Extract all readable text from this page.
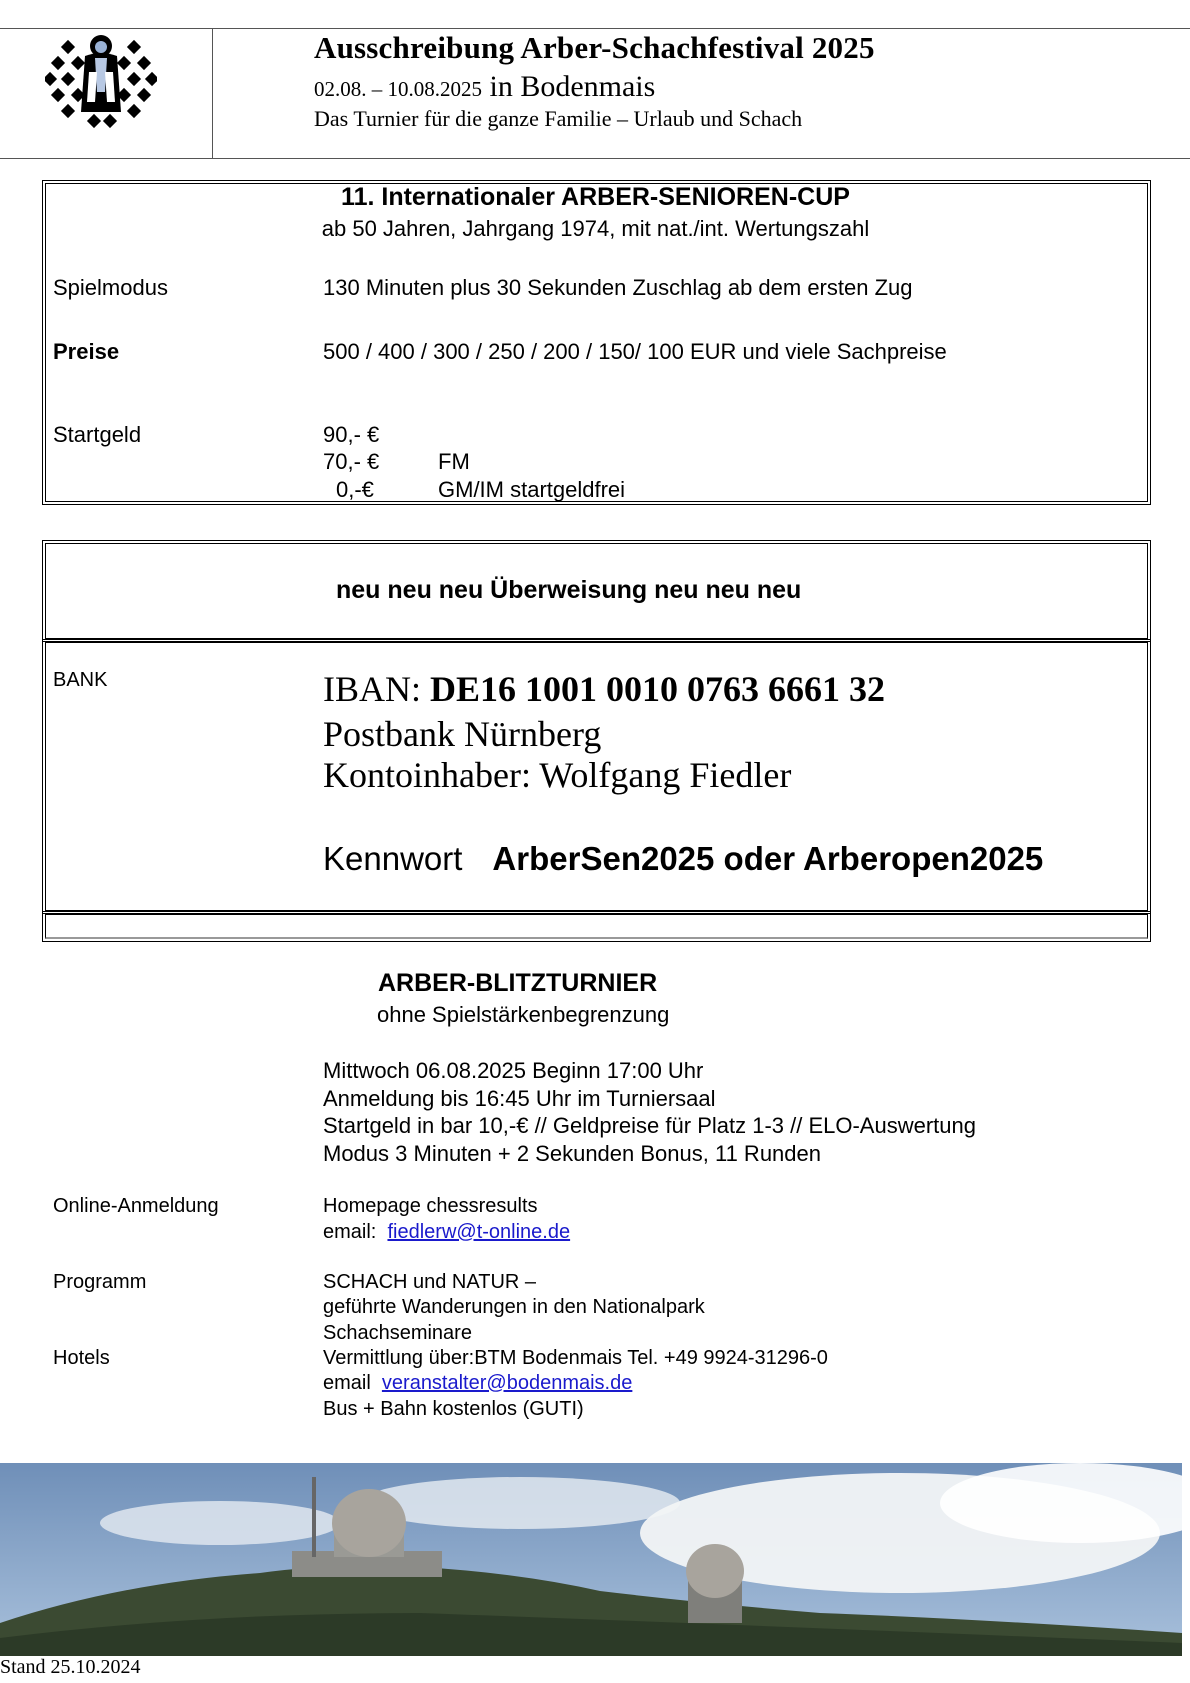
Ausschreibung Arber-Schachfestival 2025
02.08. – 10.08.2025 in Bodenmais
Das Turnier für die ganze Familie – Urlaub und Schach
11. Internationaler ARBER-SENIOREN-CUP
ab 50 Jahren, Jahrgang 1974, mit nat./int. Wertungszahl
Spielmodus	130 Minuten plus 30 Sekunden Zuschlag ab dem ersten Zug
Preise	500 / 400 / 300 / 250 / 200 / 150/ 100 EUR und viele Sachpreise
Startgeld	90,- €
70,- €	FM
0,-€	GM/IM startgeldfrei
neu neu neu Überweisung neu neu neu
BANK	IBAN: DE16 1001 0010 0763 6661 32
Postbank Nürnberg
Kontoinhaber: Wolfgang Fiedler
Kennwort ArberSen2025 oder Arberopen2025
ARBER-BLITZTURNIER
ohne Spielstärkenbegrenzung
Mittwoch 06.08.2025 Beginn 17:00 Uhr
Anmeldung bis 16:45 Uhr im Turniersaal
Startgeld in bar 10,-€ // Geldpreise für Platz 1-3 // ELO-Auswertung
Modus 3 Minuten + 2 Sekunden Bonus, 11 Runden
Online-Anmeldung	Homepage chessresults
email:  fiedlerw@t-online.de
Programm	SCHACH und NATUR –
geführte Wanderungen in den Nationalpark
Schachseminare
Hotels	Vermittlung über:BTM Bodenmais Tel. +49 9924-31296-0
email  veranstalter@bodenmais.de
Bus + Bahn kostenlos (GUTI)
Stand 25.10.2024
